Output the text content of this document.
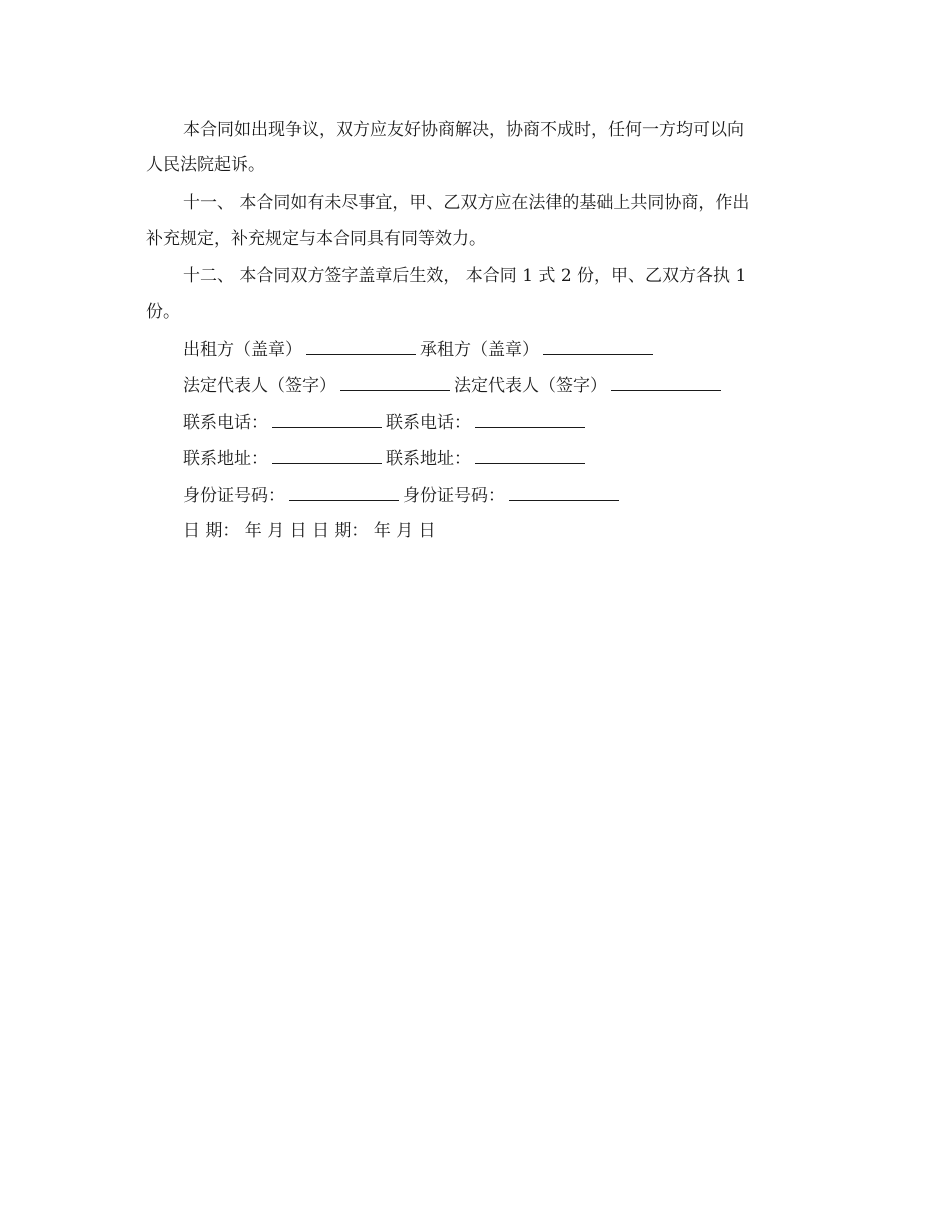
本合同如出现争议，双方应友好协商解决，协商不成时，任何一方均可以向
人民法院起诉。
十一、 本合同如有未尽事宜，甲、乙双方应在法律的基础上共同协商，作出
补充规定，补充规定与本合同具有同等效力。
十二、 本合同双方签字盖章后生效， 本合同 1 式 2 份，甲、乙双方各执 1
份。
出租方（盖章）	承租方（盖章）
法定代表人（签字）	法定代表人（签字）
联系电话：	联系电话：
联系地址：	联系地址：
身份证号码：	身份证号码：
日 期： 年 月 日 日 期： 年 月 日
